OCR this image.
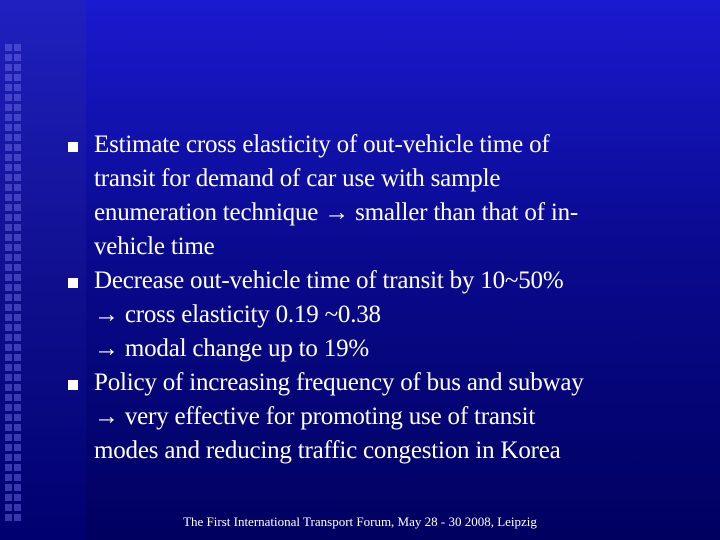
Estimate cross elasticity of out-vehicle time of
transit for demand of car use with sample
enumeration technique → smaller than that of in-
vehicle time
Decrease out-vehicle time of transit by 10~50%
→ cross elasticity 0.19 ~0.38
→ modal change up to 19%
Policy of increasing frequency of bus and subway
→ very effective for promoting use of transit
modes and reducing traffic congestion in Korea
The First International Transport Forum, May 28 - 30 2008, Leipzig
